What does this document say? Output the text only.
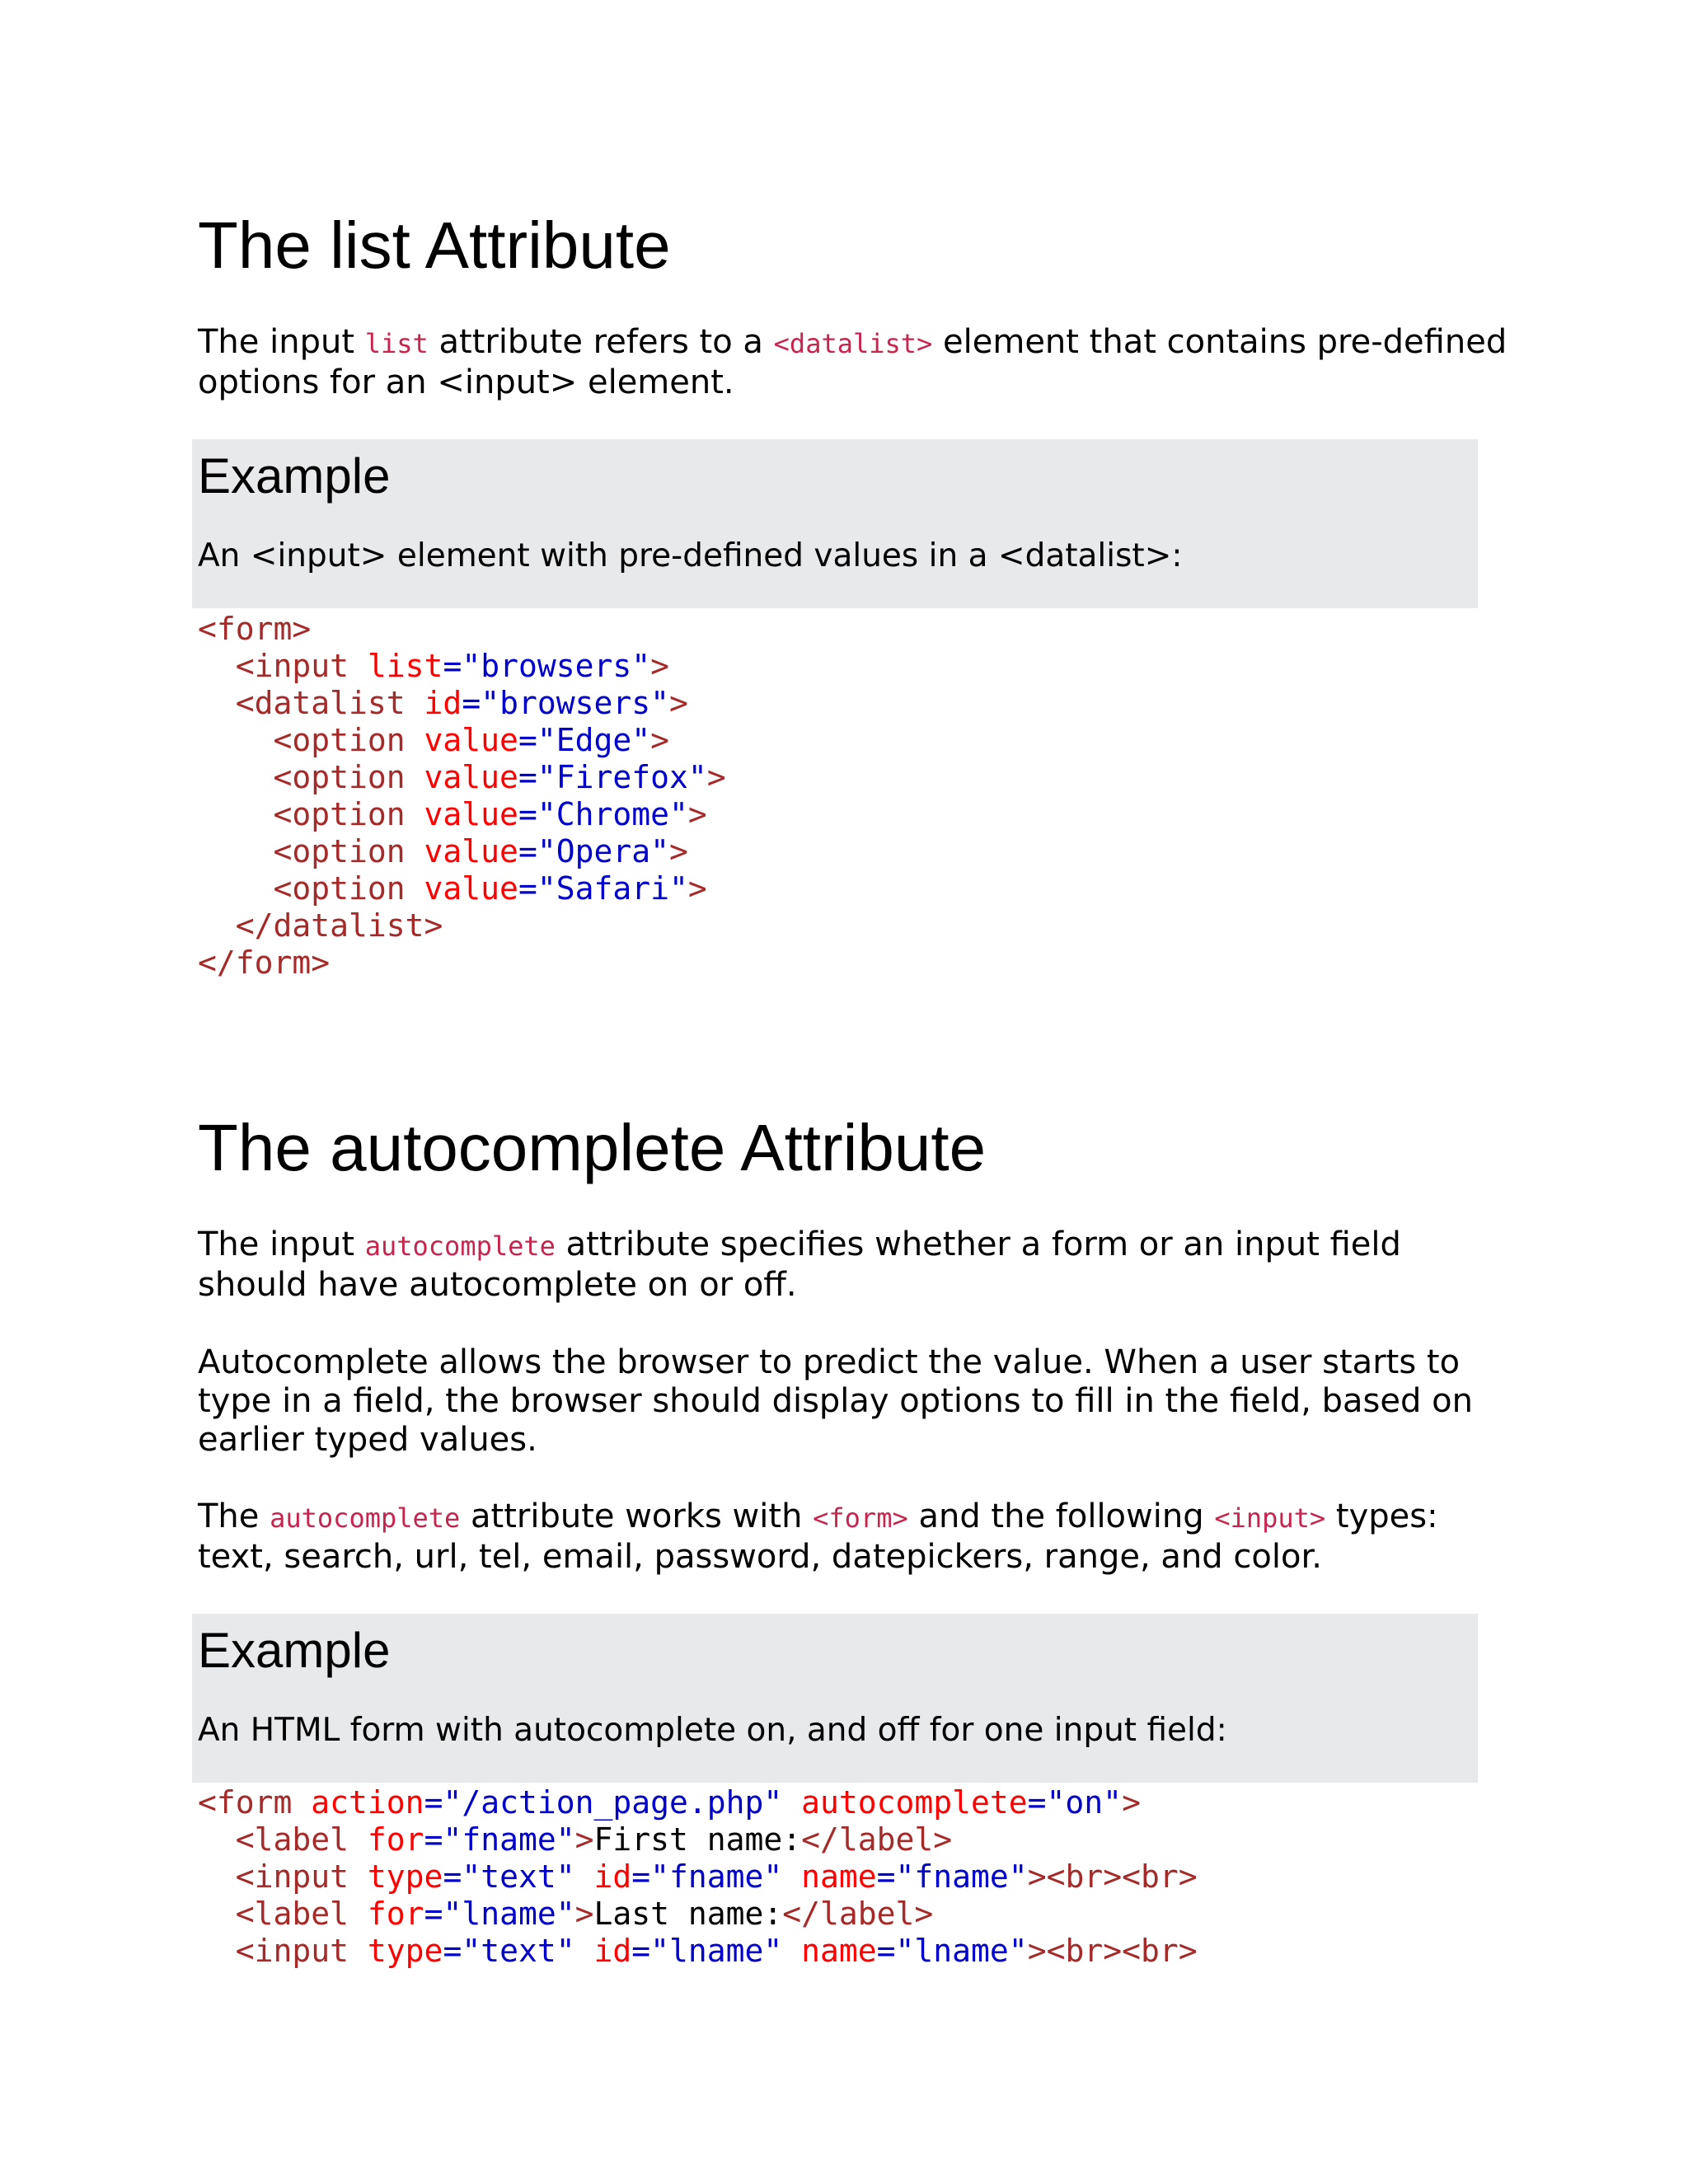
The list Attribute

The input list attribute refers to a <datalist> element that contains pre-defined options for an <input> element.

Example

An <input> element with pre-defined values in a <datalist>:

<form>
<input list="browsers">
<datalist id="browsers">
<option value="Edge">
<option value="Firefox">
<option value="Chrome">
<option value="Opera">
<option value="Safari">
</datalist>
</form>
The autocomplete Attribute

The input autocomplete attribute specifies whether a form or an input field should have autocomplete on or off.

Autocomplete allows the browser to predict the value. When a user starts to type in a field, the browser should display options to fill in the field, based on earlier typed values.

The autocomplete attribute works with <form> and the following <input> types: text, search, url, tel, email, password, datepickers, range, and color.

Example

An HTML form with autocomplete on, and off for one input field:

<form action="/action_page.php" autocomplete="on">
<label for="fname">First name:</label>
<input type="text" id="fname" name="fname"><br><br>
<label for="lname">Last name:</label>
<input type="text" id="lname" name="lname"><br><br>
